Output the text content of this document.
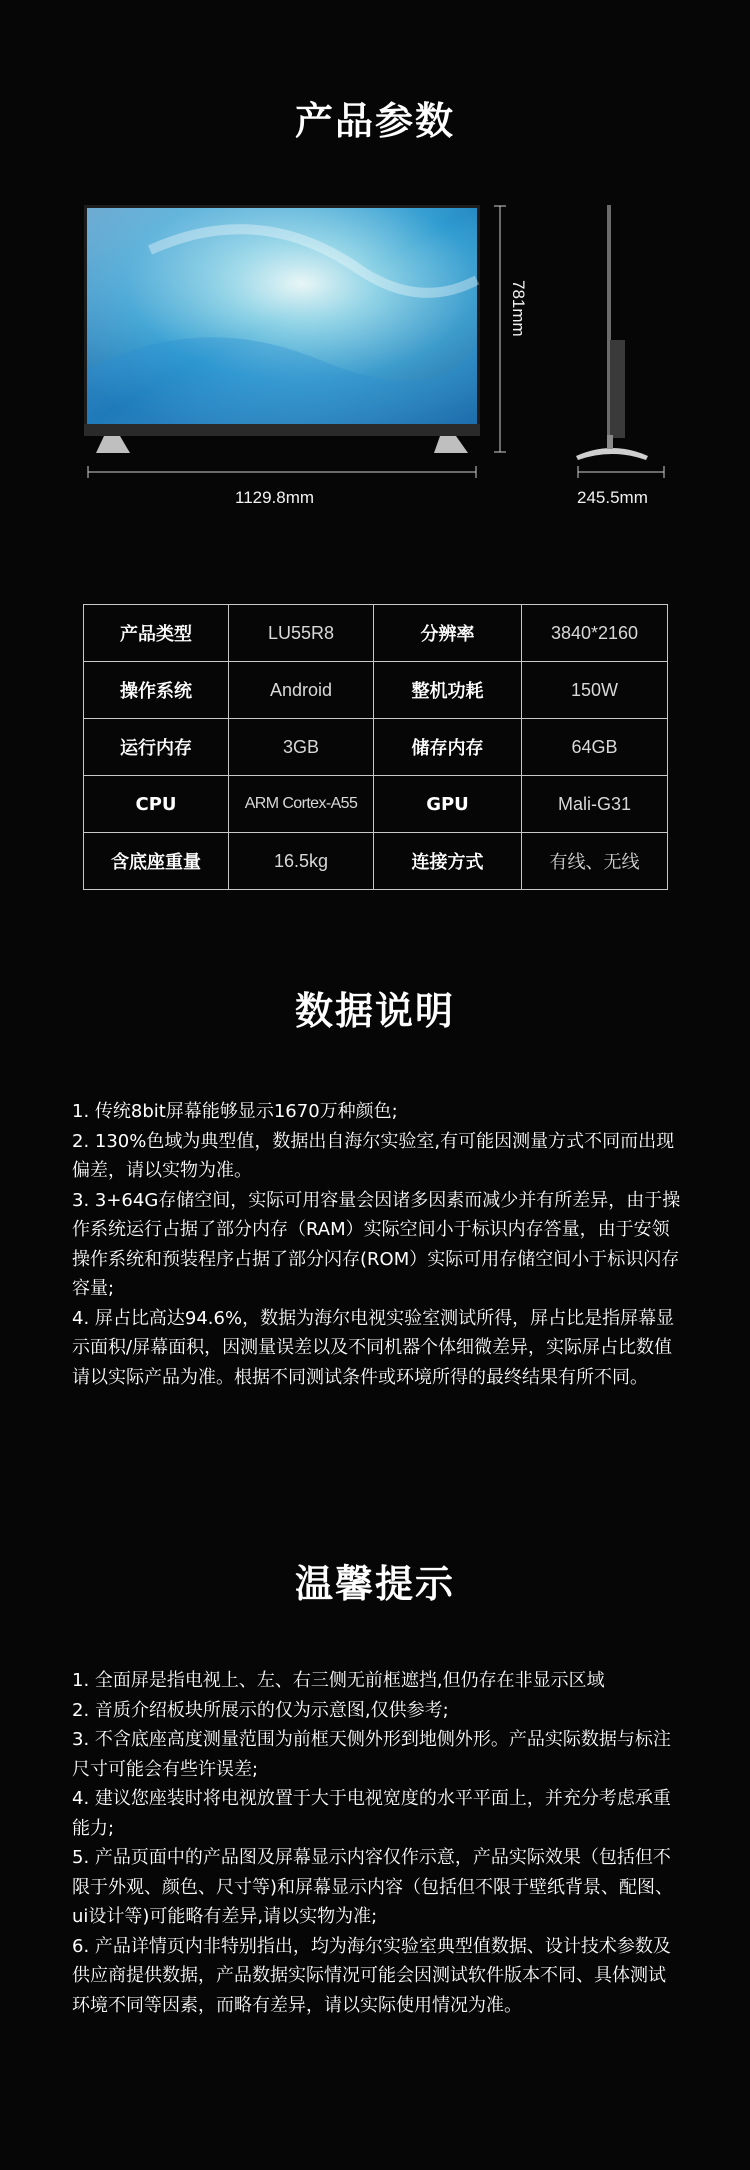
产品参数
1129.8mm	245.5mm
781mm
产品类型	LU55R8	分辨率	3840*2160
操作系统	Android	整机功耗	150W
运行内存	3GB	储存内存	64GB
CPU	ARM Cortex-A55	GPU	Mali-G31
含底座重量	16.5kg	连接方式	有线、无线
数据说明

1. 传统8bit屏幕能够显示1670万种颜色;

2. 130%色域为典型值，数据出自海尔实验室,有可能因测量方式不同而出现偏差，请以实物为准。

3. 3+64G存储空间，实际可用容量会因诸多因素而减少并有所差异，由于操作系统运行占据了部分内存（RAM）实际空间小于标识内存答量，由于安领操作系统和预装程序占据了部分闪存(ROM）实际可用存储空间小于标识闪存容量;

4. 屏占比高达94.6%，数据为海尔电视实验室测试所得，屏占比是指屏幕显示面积/屏幕面积，因测量误差以及不同机器个体细微差异，实际屏占比数值请以实际产品为准。根据不同测试条件或环境所得的最终结果有所不同。

温馨提示

1. 全面屏是指电视上、左、右三侧无前框遮挡,但仍存在非显示区域

2. 音质介绍板块所展示的仅为示意图,仅供参考;

3. 不含底座高度测量范围为前框天侧外形到地侧外形。产品实际数据与标注尺寸可能会有些许误差;

4. 建议您座装时将电视放置于大于电视宽度的水平平面上，并充分考虑承重能力;

5. 产品页面中的产品图及屏幕显示内容仅作示意，产品实际效果（包括但不限于外观、颜色、尺寸等)和屏幕显示内容（包括但不限于壁纸背景、配图、ui设计等)可能略有差异,请以实物为准;

6. 产品详情页内非特别指出，均为海尔实验室典型值数据、设计技术参数及供应商提供数据，产品数据实际情况可能会因测试软件版本不同、具体测试环境不同等因素，而略有差异，请以实际使用情况为准。
